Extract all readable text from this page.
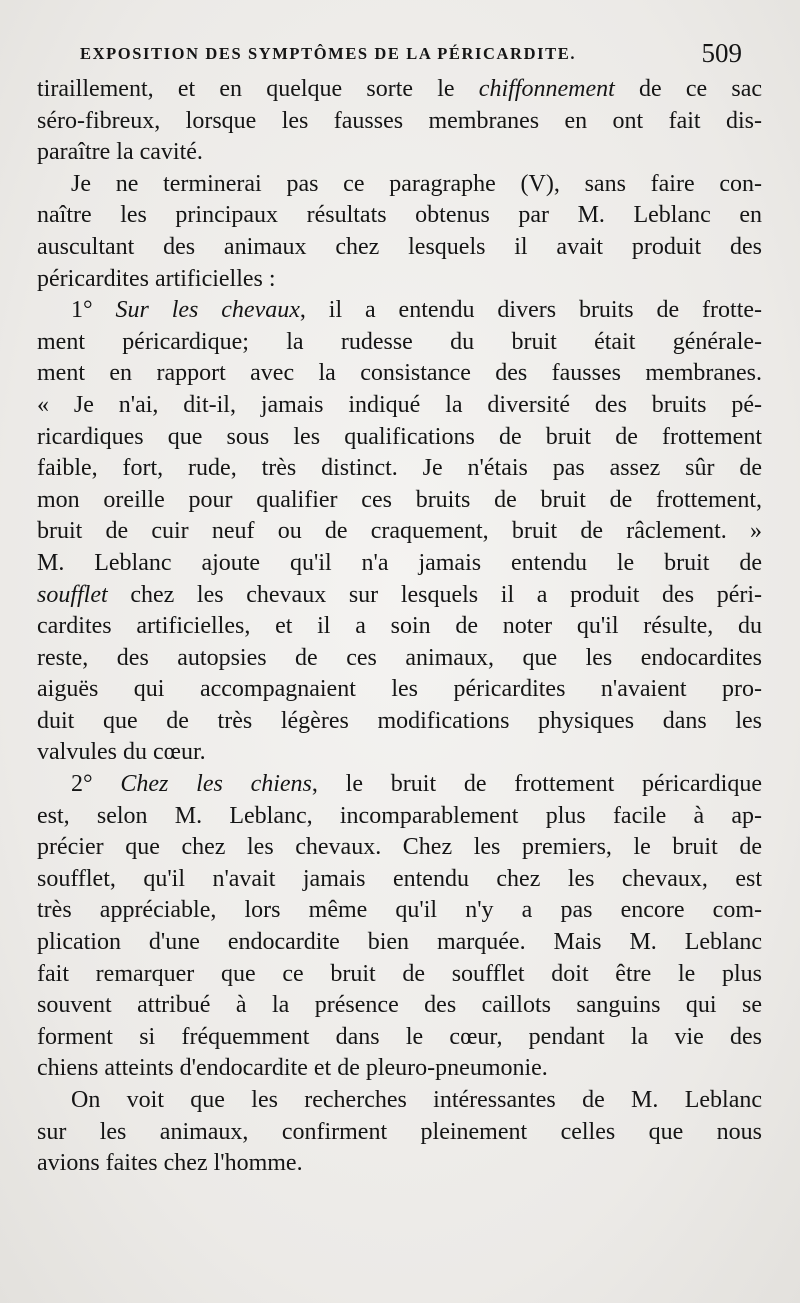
EXPOSITION DES SYMPTÔMES DE LA PÉRICARDITE.	509
tiraillement, et en quelque sorte le chiffonnement de ce sac
séro-fibreux, lorsque les fausses membranes en ont fait dis-
paraître la cavité.
Je ne terminerai pas ce paragraphe (V), sans faire con-
naître les principaux résultats obtenus par M. Leblanc en
auscultant des animaux chez lesquels il avait produit des
péricardites artificielles :
1° Sur les chevaux, il a entendu divers bruits de frotte-
ment péricardique; la rudesse du bruit était générale-
ment en rapport avec la consistance des fausses membranes.
« Je n'ai, dit-il, jamais indiqué la diversité des bruits pé-
ricardiques que sous les qualifications de bruit de frottement
faible, fort, rude, très distinct. Je n'étais pas assez sûr de
mon oreille pour qualifier ces bruits de bruit de frottement,
bruit de cuir neuf ou de craquement, bruit de râclement. »
M. Leblanc ajoute qu'il n'a jamais entendu le bruit de
soufflet chez les chevaux sur lesquels il a produit des péri-
cardites artificielles, et il a soin de noter qu'il résulte, du
reste, des autopsies de ces animaux, que les endocardites
aiguës qui accompagnaient les péricardites n'avaient pro-
duit que de très légères modifications physiques dans les
valvules du cœur.
2° Chez les chiens, le bruit de frottement péricardique
est, selon M. Leblanc, incomparablement plus facile à ap-
précier que chez les chevaux. Chez les premiers, le bruit de
soufflet, qu'il n'avait jamais entendu chez les chevaux, est
très appréciable, lors même qu'il n'y a pas encore com-
plication d'une endocardite bien marquée. Mais M. Leblanc
fait remarquer que ce bruit de soufflet doit être le plus
souvent attribué à la présence des caillots sanguins qui se
forment si fréquemment dans le cœur, pendant la vie des
chiens atteints d'endocardite et de pleuro-pneumonie.
On voit que les recherches intéressantes de M. Leblanc
sur les animaux, confirment pleinement celles que nous
avions faites chez l'homme.
